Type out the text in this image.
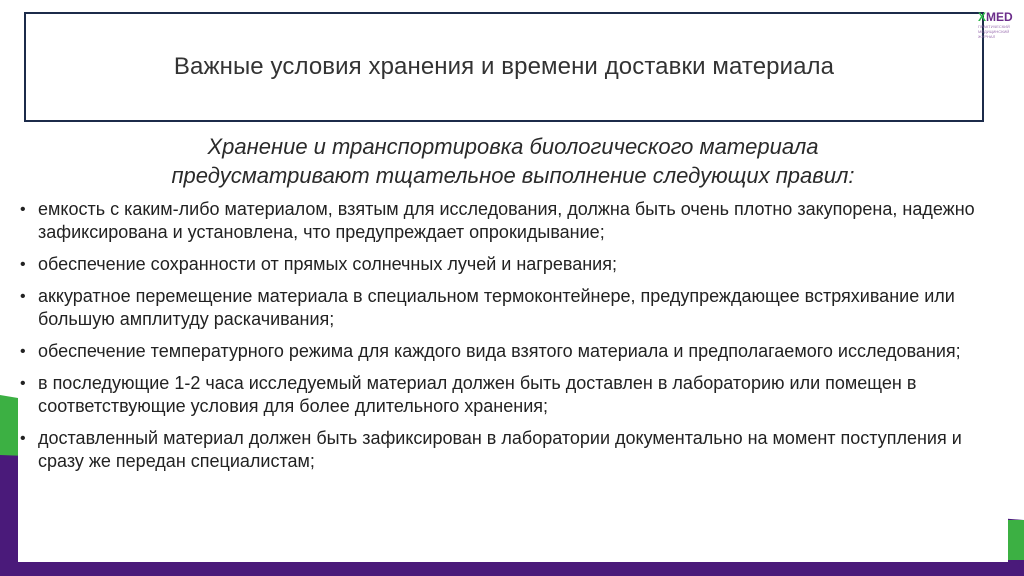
XMED
ПРАКТИЧЕСКИЙ МЕДИЦИНСКИЙ ЖУРНАЛ
Важные условия хранения и времени доставки материала

Хранение и транспортировка биологического материала
предусматривают тщательное выполнение следующих правил:

• емкость с каким-либо материалом, взятым для исследования, должна быть очень плотно закупорена, надежно зафиксирована и установлена, что предупреждает опрокидывание;
• обеспечение сохранности от прямых солнечных лучей и нагревания;
• аккуратное перемещение материала в специальном термоконтейнере, предупреждающее встряхивание или большую амплитуду раскачивания;
• обеспечение температурного режима для каждого вида взятого материала и предполагаемого исследования;
• в последующие 1-2 часа исследуемый материал должен быть доставлен в лабораторию или помещен в соответствующие условия для более длительного хранения;
• доставленный материал должен быть зафиксирован в лаборатории документально на момент поступления и сразу же передан специалистам;
